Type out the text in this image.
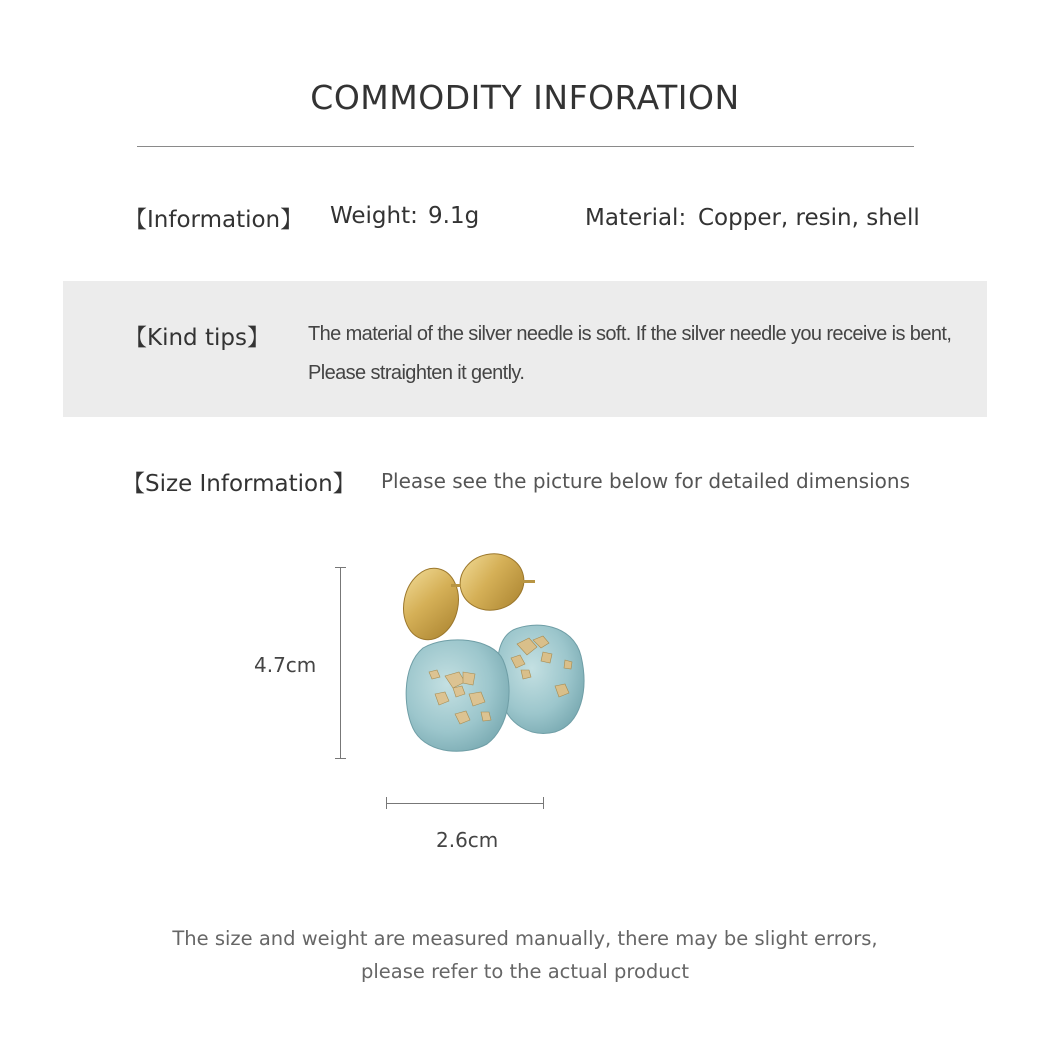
COMMODITY INFORATION
【Information】 Weight: 9.1g	Material: Copper, resin, shell
【Kind tips】 The material of the silver needle is soft. If the silver needle you receive is bent,
Please straighten it gently.
【Size Information】 Please see the picture below for detailed dimensions
4.7cm
2.6cm
The size and weight are measured manually, there may be slight errors,
please refer to the actual product
